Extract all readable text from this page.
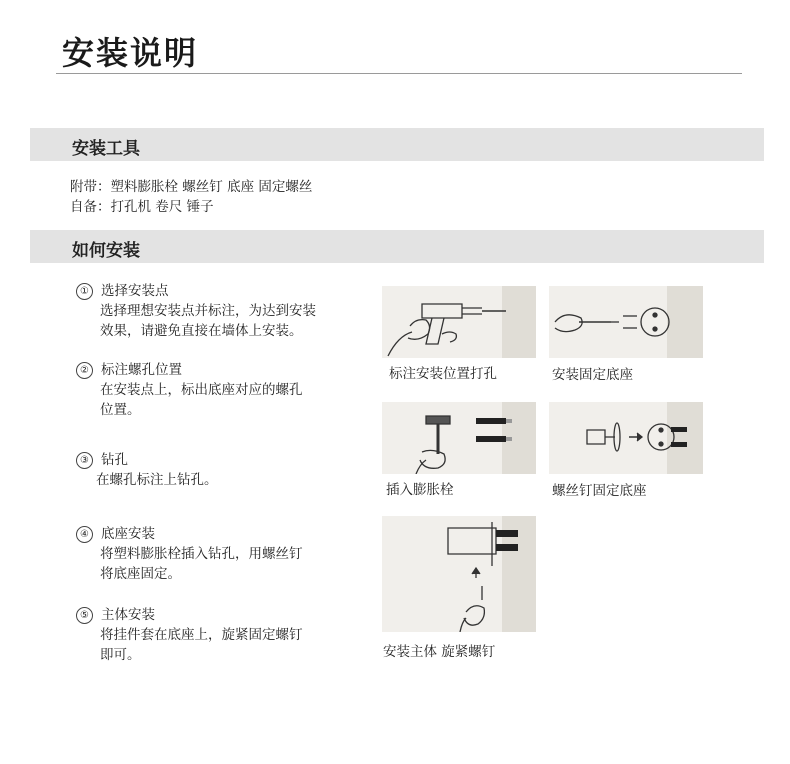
安装说明
安装工具
附带：塑料膨胀栓 螺丝钉 底座 固定螺丝
自备：打孔机 卷尺 锤子
如何安装
① 选择安装点
选择理想安装点并标注，为达到安装
效果，请避免直接在墙体上安装。
② 标注螺孔位置
在安装点上，标出底座对应的螺孔
位置。
③ 钻孔
在螺孔标注上钻孔。
④ 底座安装
将塑料膨胀栓插入钻孔，用螺丝钉
将底座固定。
⑤ 主体安装
将挂件套在底座上，旋紧固定螺钉
即可。
标注安装位置打孔	安装固定底座
插入膨胀栓	螺丝钉固定底座
安装主体 旋紧螺钉
